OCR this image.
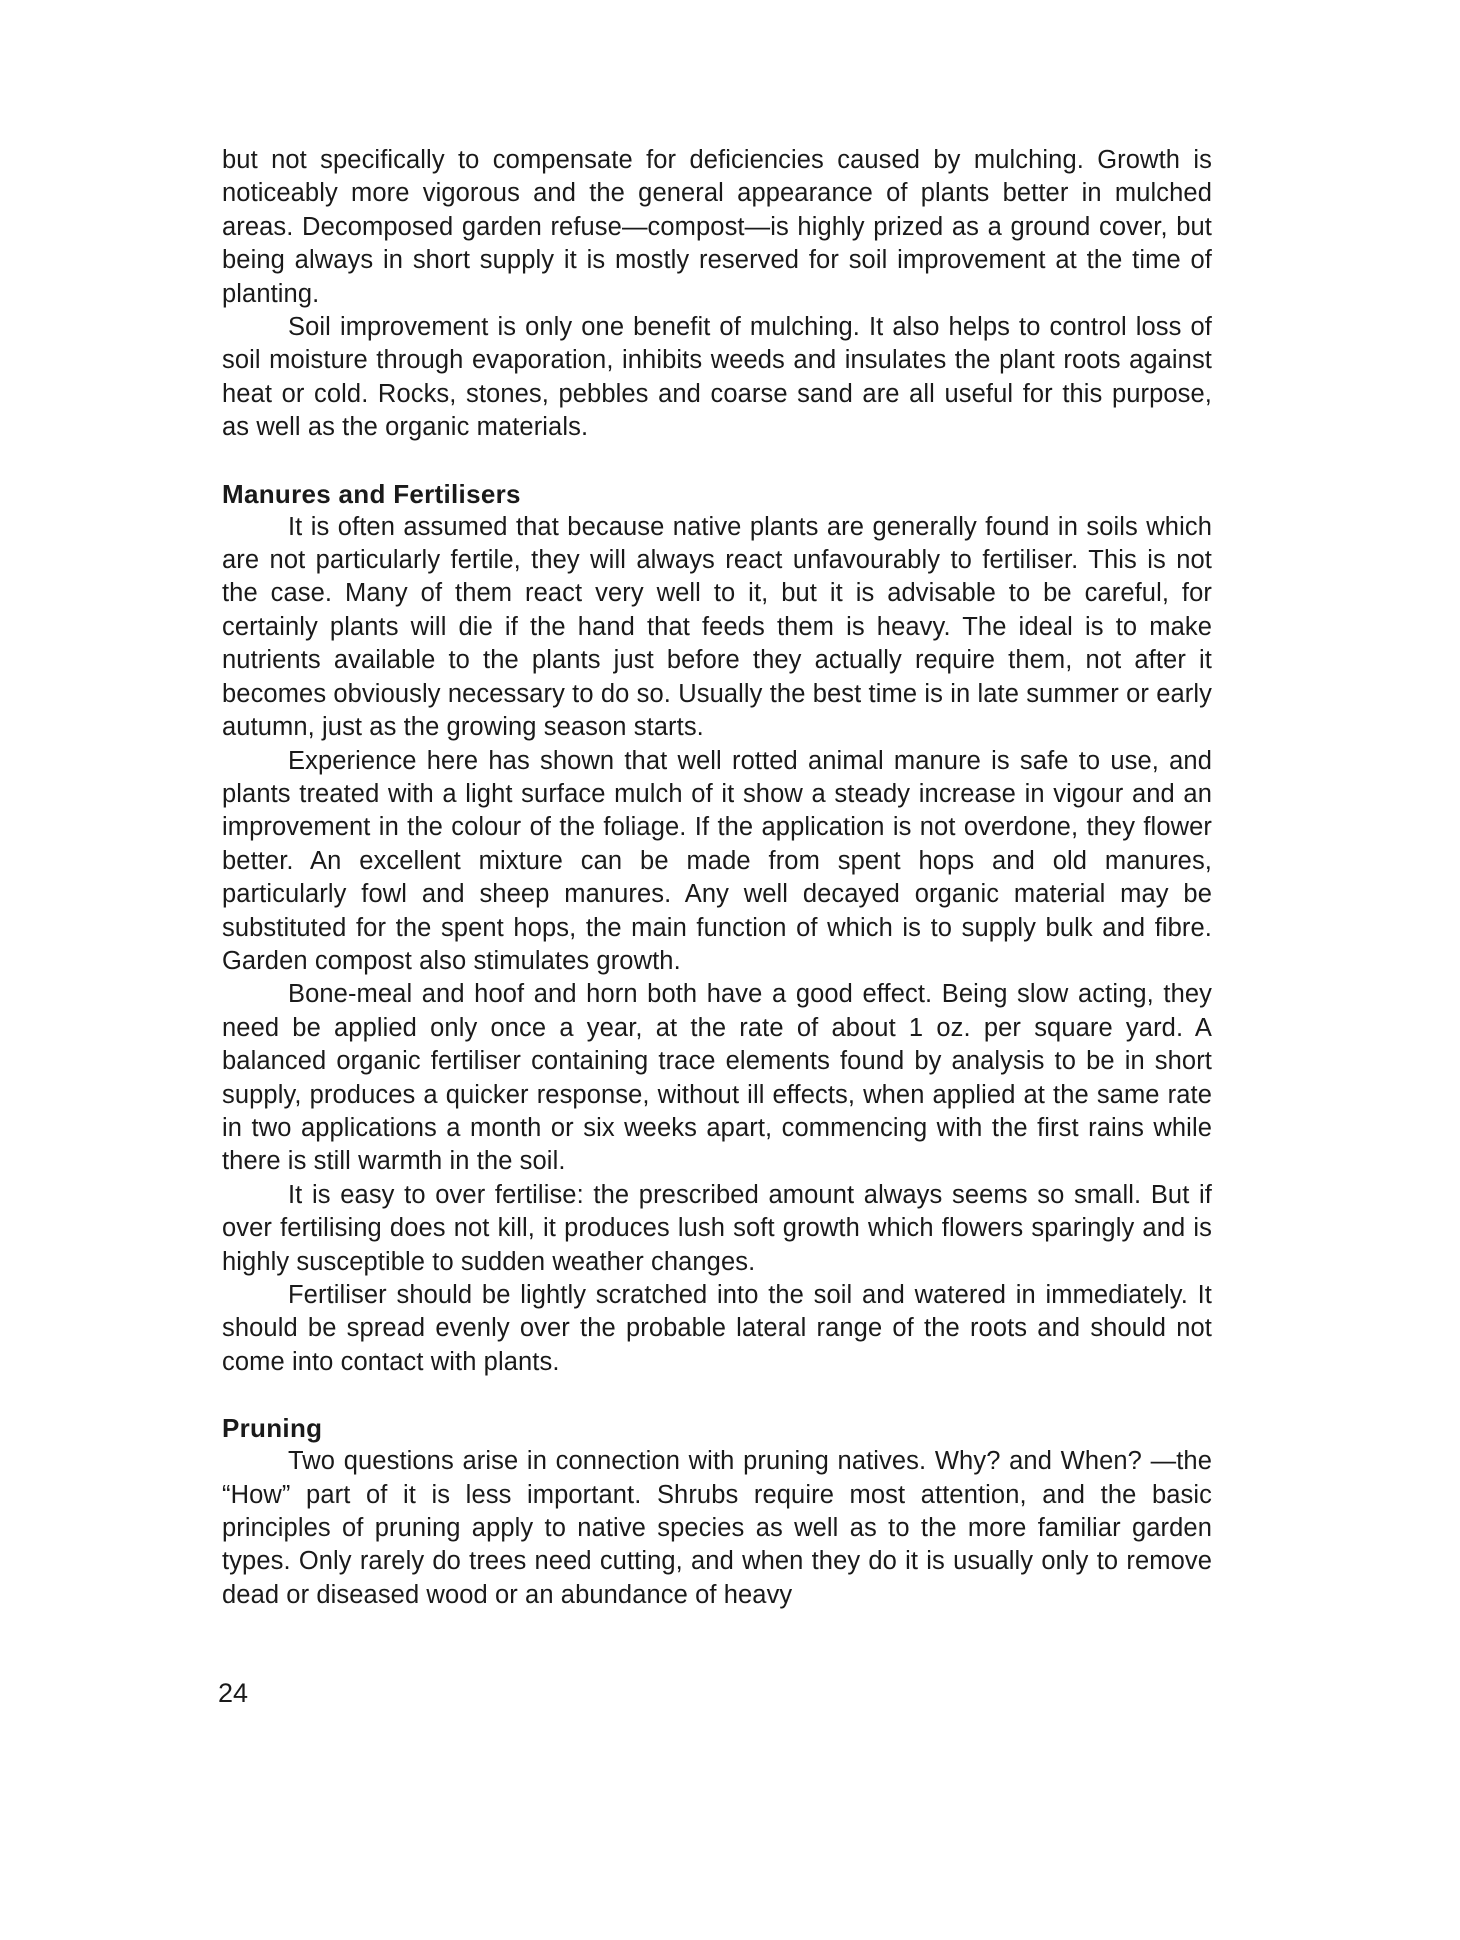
but not specifically to compensate for deficiencies caused by mulching. Growth is noticeably more vigorous and the general appearance of plants better in mulched areas. Decomposed garden refuse—compost—is highly prized as a ground cover, but being always in short supply it is mostly reserved for soil improvement at the time of planting.

Soil improvement is only one benefit of mulching. It also helps to control loss of soil moisture through evaporation, inhibits weeds and insulates the plant roots against heat or cold. Rocks, stones, pebbles and coarse sand are all useful for this purpose, as well as the organic materials.

Manures and Fertilisers

It is often assumed that because native plants are generally found in soils which are not particularly fertile, they will always react unfavourably to fertiliser. This is not the case. Many of them react very well to it, but it is advisable to be careful, for certainly plants will die if the hand that feeds them is heavy. The ideal is to make nutrients available to the plants just before they actually require them, not after it becomes obviously necessary to do so. Usually the best time is in late summer or early autumn, just as the growing season starts.

Experience here has shown that well rotted animal manure is safe to use, and plants treated with a light surface mulch of it show a steady increase in vigour and an improvement in the colour of the foliage. If the application is not overdone, they flower better. An excellent mixture can be made from spent hops and old manures, particularly fowl and sheep manures. Any well decayed organic material may be substituted for the spent hops, the main function of which is to supply bulk and fibre. Garden compost also stimulates growth.

Bone-meal and hoof and horn both have a good effect. Being slow acting, they need be applied only once a year, at the rate of about 1 oz. per square yard. A balanced organic fertiliser containing trace elements found by analysis to be in short supply, produces a quicker response, without ill effects, when applied at the same rate in two applications a month or six weeks apart, commencing with the first rains while there is still warmth in the soil.

It is easy to over fertilise: the prescribed amount always seems so small. But if over fertilising does not kill, it produces lush soft growth which flowers sparingly and is highly susceptible to sudden weather changes.

Fertiliser should be lightly scratched into the soil and watered in immediately. It should be spread evenly over the probable lateral range of the roots and should not come into contact with plants.

Pruning

Two questions arise in connection with pruning natives. Why? and When? —the “How” part of it is less important. Shrubs require most attention, and the basic principles of pruning apply to native species as well as to the more familiar garden types. Only rarely do trees need cutting, and when they do it is usually only to remove dead or diseased wood or an abundance of heavy

24
